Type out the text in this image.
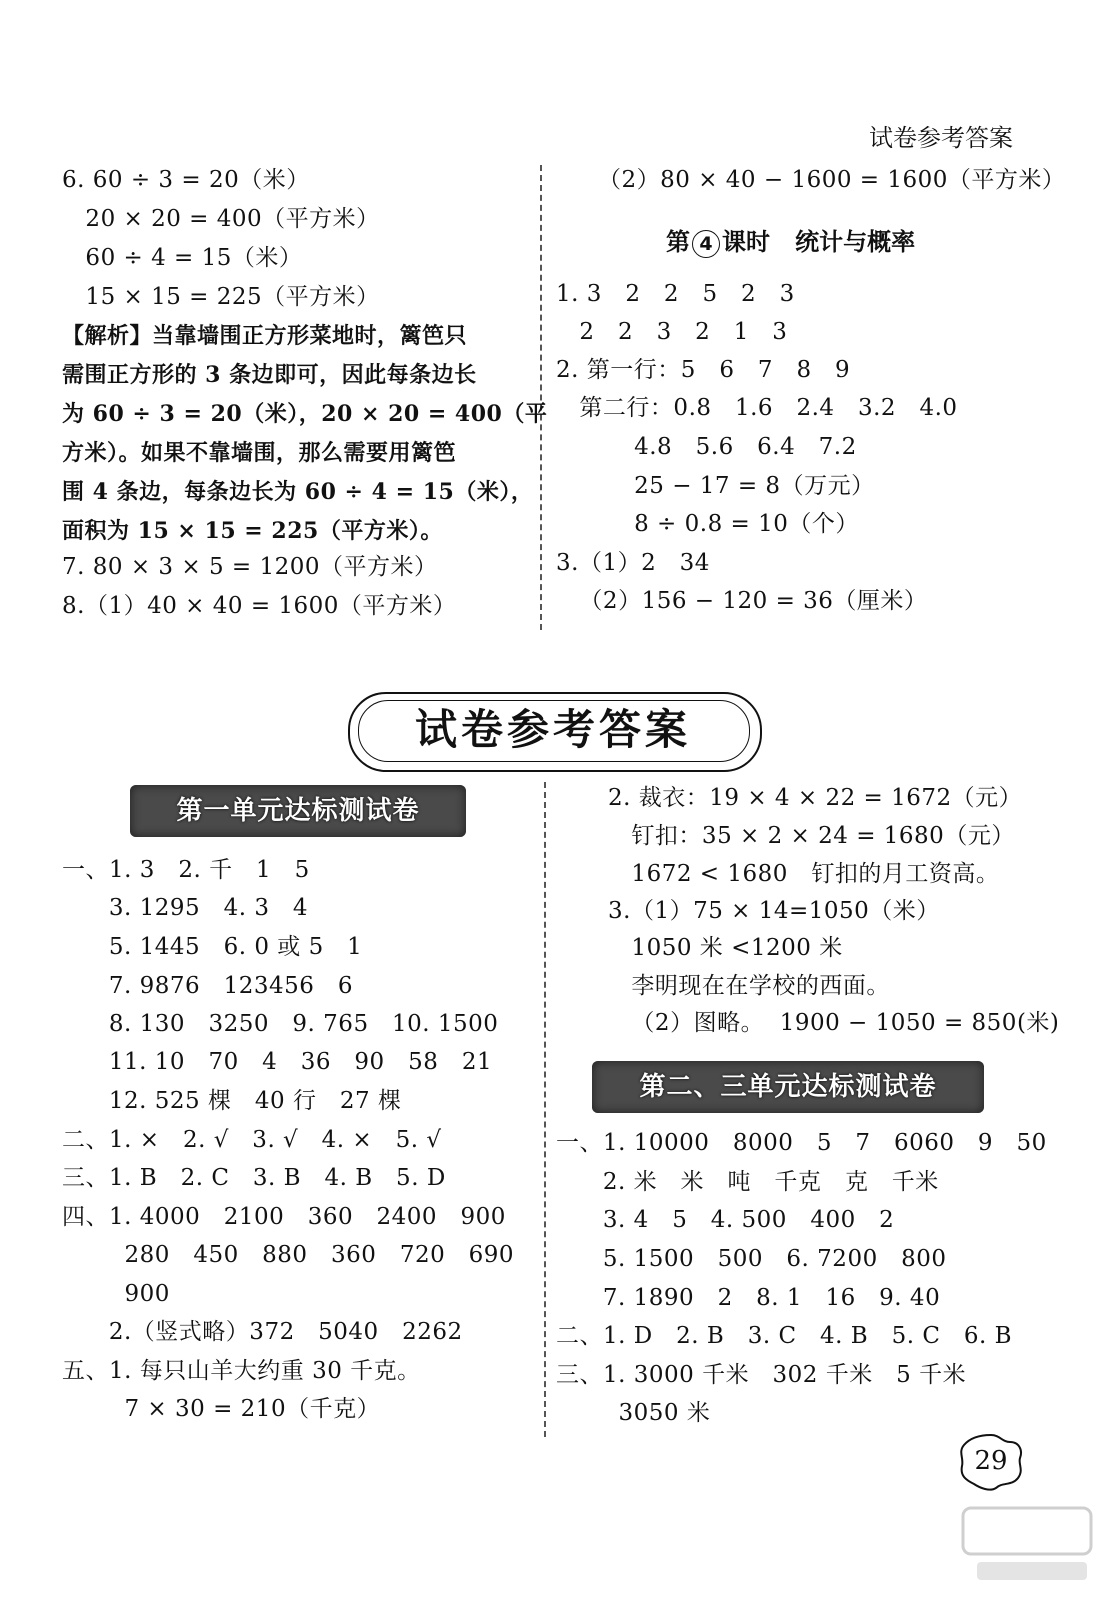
试卷参考答案
6. 60 ÷ 3 = 20（米）
20 × 20 = 400（平方米）
60 ÷ 4 = 15（米）
15 × 15 = 225（平方米）
【解析】当靠墙围正方形菜地时，篱笆只
需围正方形的 3 条边即可，因此每条边长
为 60 ÷ 3 = 20（米），20 × 20 = 400（平
方米）。如果不靠墙围，那么需要用篱笆
围 4 条边，每条边长为 60 ÷ 4 = 15（米），
面积为 15 × 15 = 225（平方米）。
7. 80 × 3 × 5 = 1200（平方米）
8.（1）40 × 40 = 1600（平方米）
（2）80 × 40 − 1600 = 1600（平方米）
第 4 课时   统计与概率
1. 3   2   2   5   2   3
2   2   3   2   1   3
2. 第一行：5   6   7   8   9
第二行：0.8   1.6   2.4   3.2   4.0
4.8   5.6   6.4   7.2
25 − 17 = 8（万元）
8 ÷ 0.8 = 10（个）
3.（1）2   34
（2）156 − 120 = 36（厘米）
试卷参考答案
第一单元达标测试卷
一、1. 3   2. 千   1   5
3. 1295   4. 3   4
5. 1445   6. 0 或 5   1
7. 9876   123456   6
8. 130   3250   9. 765   10. 1500
11. 10   70   4   36   90   58   21
12. 525 棵   40 行   27 棵
二、1. ×   2. √   3. √   4. ×   5. √
三、1. B   2. C   3. B   4. B   5. D
四、1. 4000   2100   360   2400   900
280   450   880   360   720   690
900
2.（竖式略）372   5040   2262
五、1. 每只山羊大约重 30 千克。
7 × 30 = 210（千克）
2. 裁衣：19 × 4 × 22 = 1672（元）
钉扣：35 × 2 × 24 = 1680（元）
1672 < 1680   钉扣的月工资高。
3.（1）75 × 14=1050（米）
1050 米 <1200 米
李明现在在学校的西面。
（2）图略。  1900 − 1050 = 850(米)
第二、三单元达标测试卷
一、1. 10000   8000   5   7   6060   9   50
2. 米   米   吨   千克   克   千米
3. 4   5   4. 500   400   2
5. 1500   500   6. 7200   800
7. 1890   2   8. 1   16   9. 40
二、1. D   2. B   3. C   4. B   5. C   6. B
三、1. 3000 千米   302 千米   5 千米
3050 米
29
